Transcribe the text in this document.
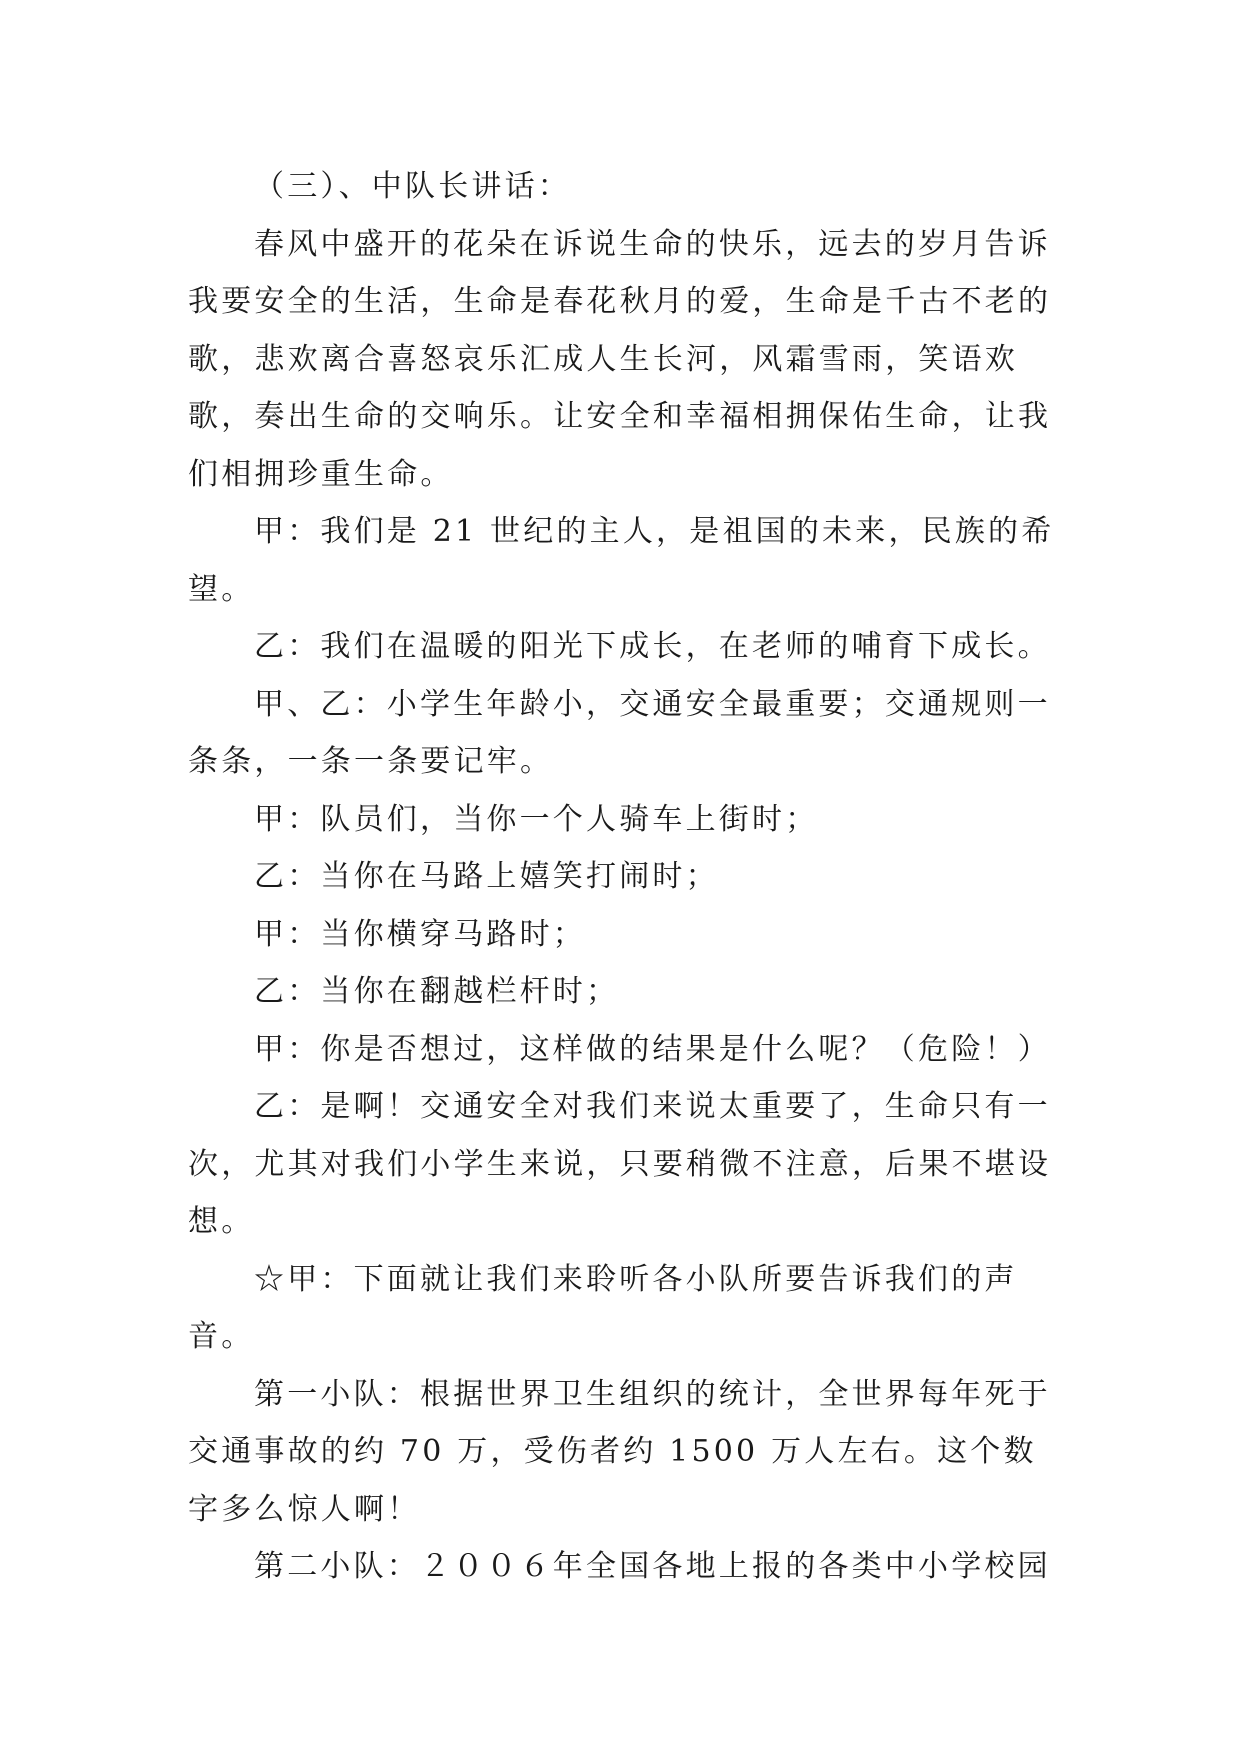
（三）、中队长讲话：

春风中盛开的花朵在诉说生命的快乐，远去的岁月告诉我要安全的生活，生命是春花秋月的爱，生命是千古不老的歌，悲欢离合喜怒哀乐汇成人生长河，风霜雪雨，笑语欢歌，奏出生命的交响乐。让安全和幸福相拥保佑生命，让我们相拥珍重生命。

甲：我们是 21 世纪的主人，是祖国的未来，民族的希望。

乙：我们在温暖的阳光下成长，在老师的哺育下成长。

甲、乙：小学生年龄小，交通安全最重要；交通规则一条条，一条一条要记牢。

甲：队员们，当你一个人骑车上街时；

乙：当你在马路上嬉笑打闹时；

甲：当你横穿马路时；

乙：当你在翻越栏杆时；

甲：你是否想过，这样做的结果是什么呢？（危险！）

乙：是啊！交通安全对我们来说太重要了，生命只有一次，尤其对我们小学生来说，只要稍微不注意，后果不堪设想。

☆甲：下面就让我们来聆听各小队所要告诉我们的声音。

第一小队：根据世界卫生组织的统计，全世界每年死于交通事故的约 70 万，受伤者约 1500 万人左右。这个数字多么惊人啊！

第二小队：２００６年全国各地上报的各类中小学校园
